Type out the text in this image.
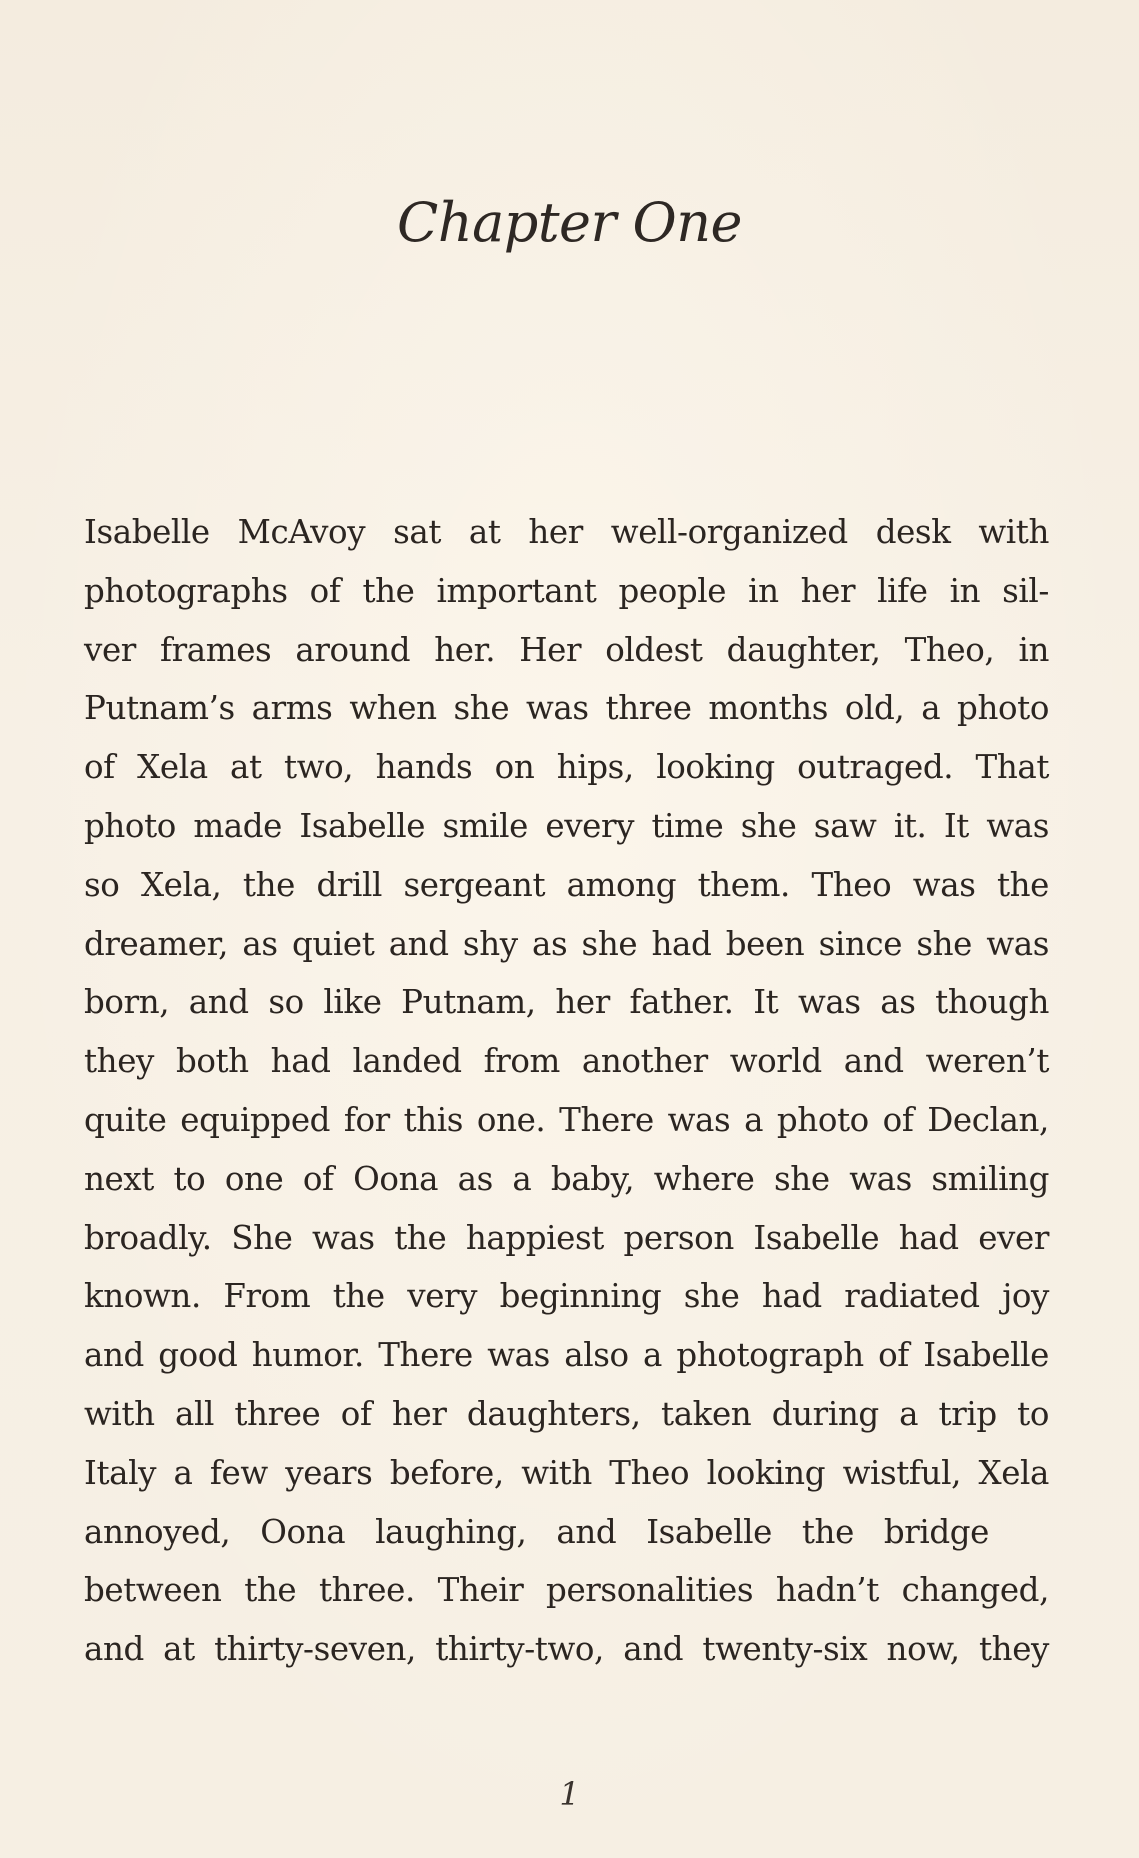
Chapter One
Isabelle McAvoy sat at her well-organized desk with
photographs of the important people in her life in sil-
ver frames around her. Her oldest daughter, Theo, in
Putnam’s arms when she was three months old, a photo
of Xela at two, hands on hips, looking outraged. That
photo made Isabelle smile every time she saw it. It was
so Xela, the drill sergeant among them. Theo was the
dreamer, as quiet and shy as she had been since she was
born, and so like Putnam, her father. It was as though
they both had landed from another world and weren’t
quite equipped for this one. There was a photo of Declan,
next to one of Oona as a baby, where she was smiling
broadly. She was the happiest person Isabelle had ever
known. From the very beginning she had radiated joy
and good humor. There was also a photograph of Isabelle
with all three of her daughters, taken during a trip to
Italy a few years before, with Theo looking wistful, Xela
annoyed, Oona laughing, and Isabelle the bridge
between the three. Their personalities hadn’t changed,
and at thirty-seven, thirty-two, and twenty-six now, they
1
